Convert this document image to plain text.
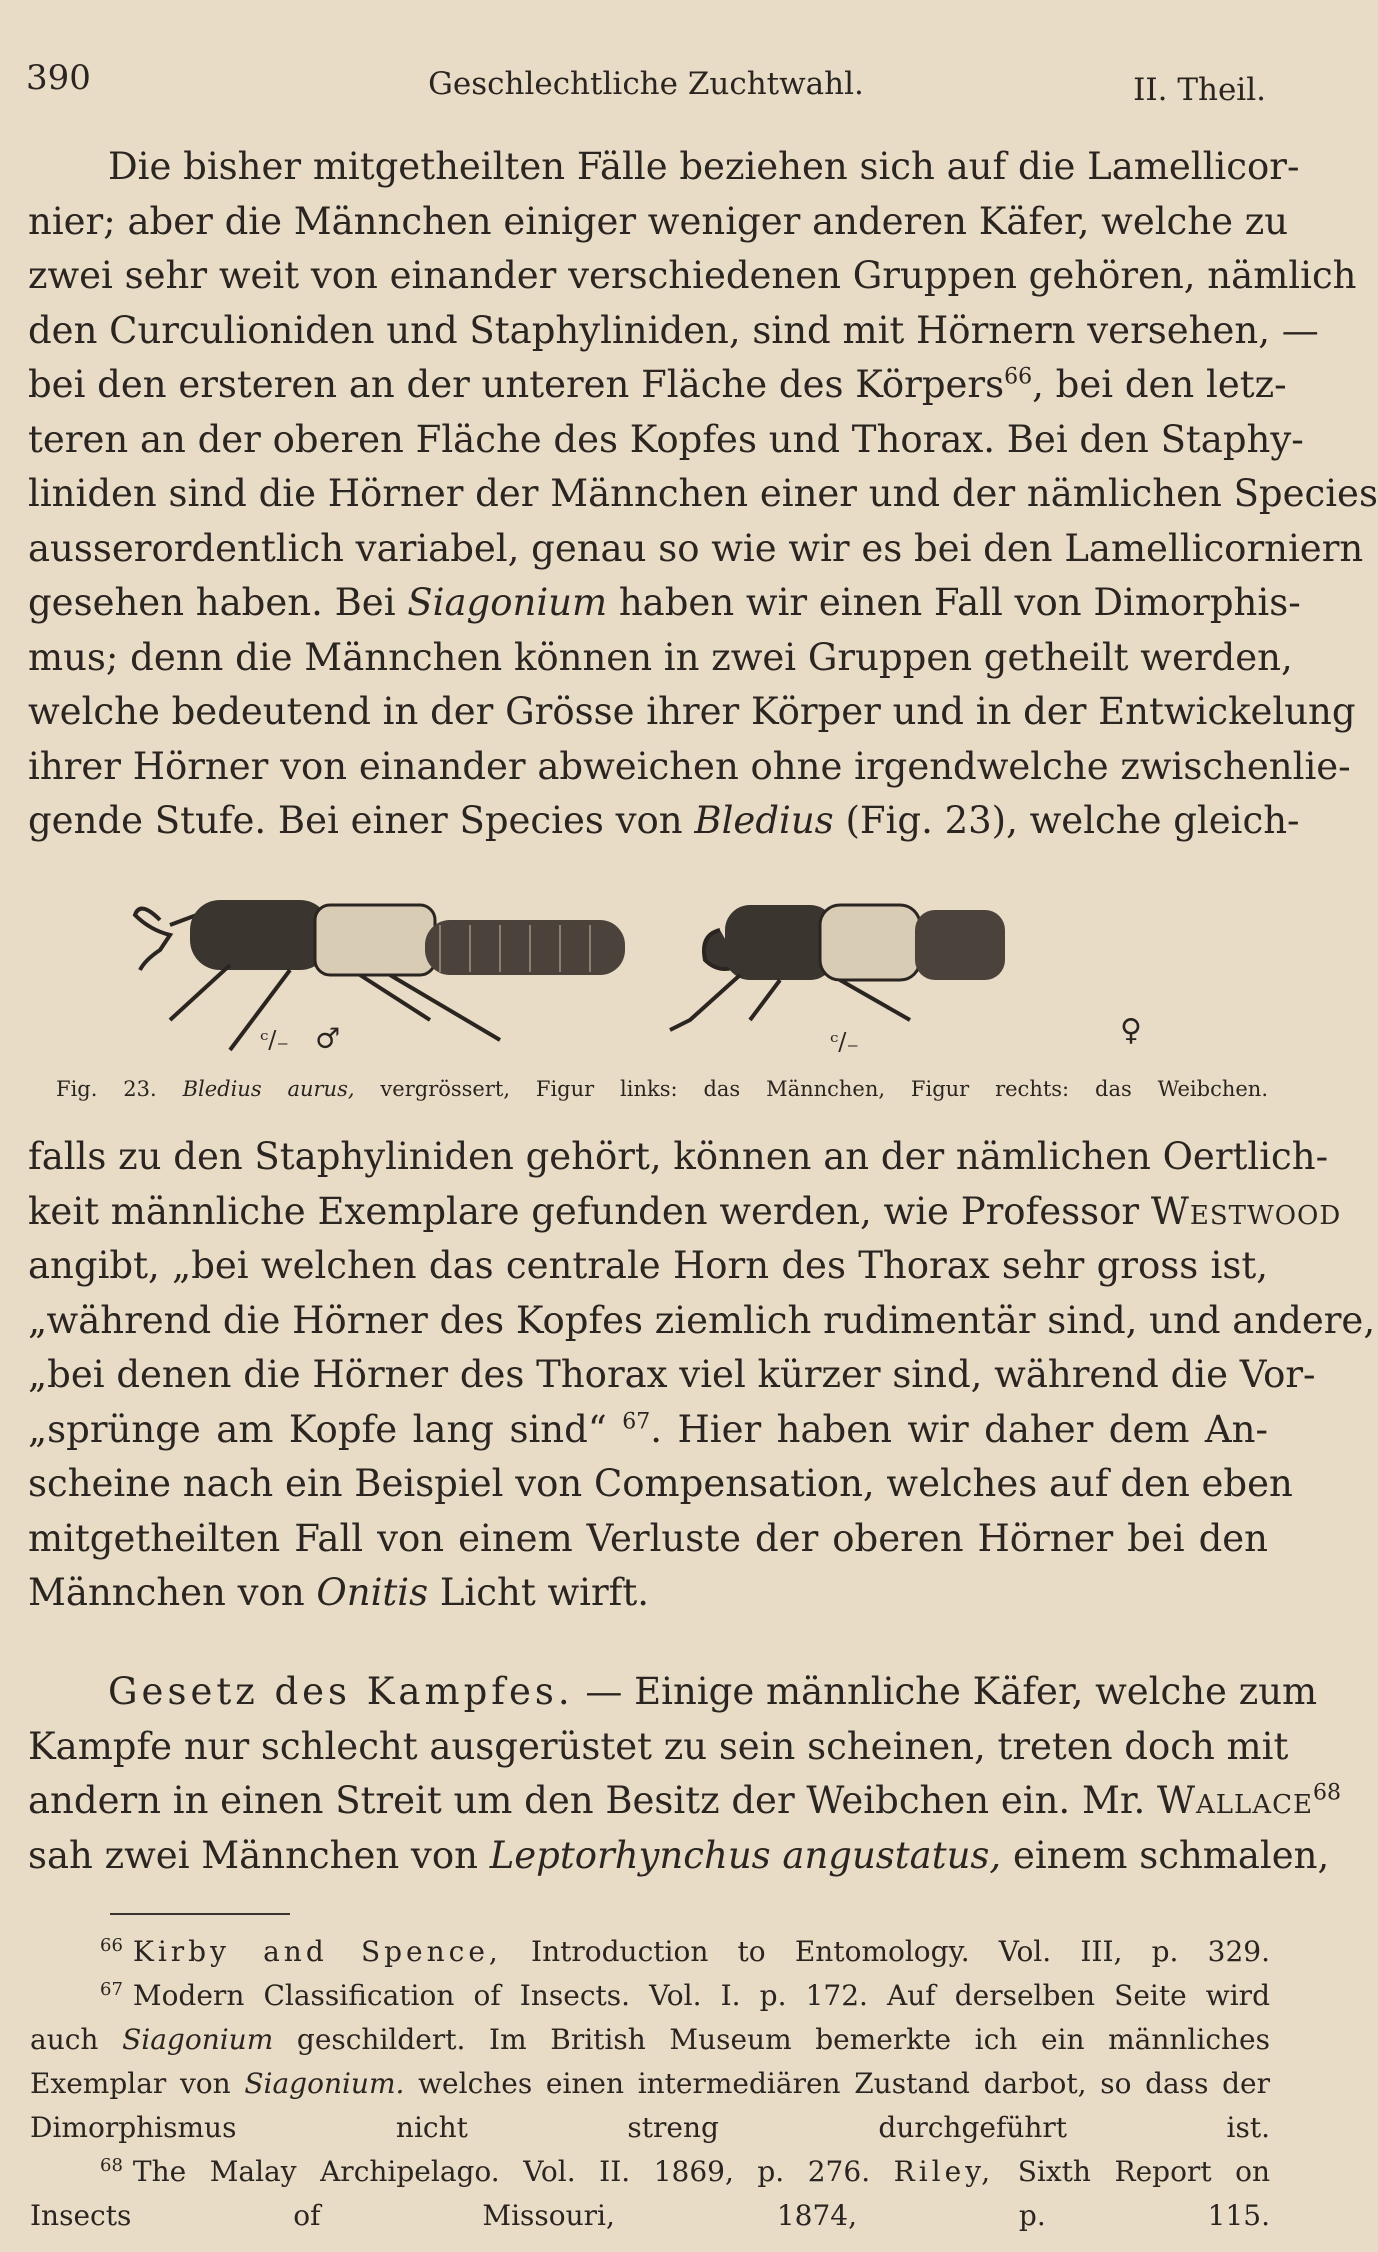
390	Geschlechtliche Zuchtwahl.	II. Theil.
Die bisher mitgetheilten Fälle beziehen sich auf die Lamellicor-
nier; aber die Männchen einiger weniger anderen Käfer, welche zu
zwei sehr weit von einander verschiedenen Gruppen gehören, nämlich
den Curculioniden und Staphyliniden, sind mit Hörnern versehen, —
bei den ersteren an der unteren Fläche des Körpers$^{66}$, bei den letz-
teren an der oberen Fläche des Kopfes und Thorax. Bei den Staphy-
liniden sind die Hörner der Männchen einer und der nämlichen Species
ausserordentlich variabel, genau so wie wir es bei den Lamellicorniern
gesehen haben. Bei Siagonium haben wir einen Fall von Dimorphis-
mus; denn die Männchen können in zwei Gruppen getheilt werden,
welche bedeutend in der Grösse ihrer Körper und in der Entwickelung
ihrer Hörner von einander abweichen ohne irgendwelche zwischenlie-
gende Stufe. Bei einer Species von Bledius (Fig. 23), welche gleich-
ᶜ/₋ ♂	ᶜ/₋	♀
Fig. 23. Bledius aurus, vergrössert, Figur links: das Männchen, Figur rechts: das Weibchen.
falls zu den Staphyliniden gehört, können an der nämlichen Oertlich-
keit männliche Exemplare gefunden werden, wie Professor Westwood
angibt, „bei welchen das centrale Horn des Thorax sehr gross ist,
„während die Hörner des Kopfes ziemlich rudimentär sind, und andere,
„bei denen die Hörner des Thorax viel kürzer sind, während die Vor-
„sprünge am Kopfe lang sind“ $^{67}$. Hier haben wir daher dem An-
scheine nach ein Beispiel von Compensation, welches auf den eben
mitgetheilten Fall von einem Verluste der oberen Hörner bei den
Männchen von Onitis Licht wirft.
Gesetz des Kampfes. — Einige männliche Käfer, welche zum
Kampfe nur schlecht ausgerüstet zu sein scheinen, treten doch mit
andern in einen Streit um den Besitz der Weibchen ein. Mr. Wallace$^{68}$
sah zwei Männchen von Leptorhynchus angustatus, einem schmalen,
$^{66}$ Kirby and Spence, Introduction to Entomology. Vol. III, p. 329.
$^{67}$ Modern Classification of Insects. Vol. I. p. 172. Auf derselben Seite wird
auch Siagonium geschildert. Im British Museum bemerkte ich ein männliches
Exemplar von Siagonium. welches einen intermediären Zustand darbot, so dass der
Dimorphismus nicht streng durchgeführt ist.
$^{68}$ The Malay Archipelago. Vol. II. 1869, p. 276. Riley, Sixth Report on
Insects of Missouri, 1874, p. 115.
